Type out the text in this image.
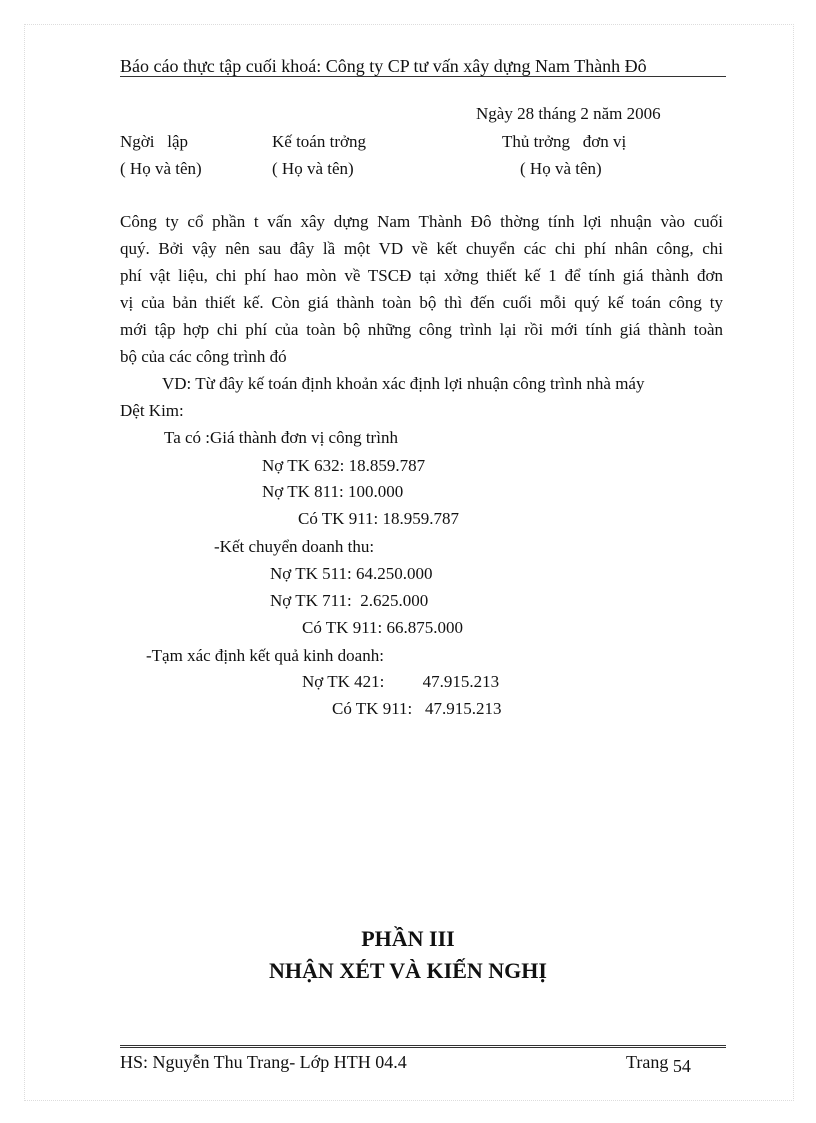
Báo cáo thực tập cuối khoá: Công ty CP tư vấn xây dựng Nam Thành Đô
Ngày 28 tháng 2 năm 2006
Ngời   lập	Kế toán trởng	Thủ trởng   đơn vị
( Họ và tên)	( Họ và tên)	( Họ và tên)
Công ty cổ phần t vấn xây dựng Nam Thành Đô thờng tính lợi nhuận vào cuối
quý. Bởi vậy nên sau đây lầ một VD về kết chuyển các chi phí nhân công, chi
phí vật liệu, chi phí hao mòn về TSCĐ tại xởng thiết kế 1 để tính giá thành đơn
vị của bản thiết kế. Còn giá thành toàn bộ thì đến cuối mỗi quý kế toán công ty
mới tập hợp chi phí của toàn bộ những công trình lại rồi mới tính giá thành toàn
bộ của các công trình đó
VD: Từ đây kế toán định khoản xác định lợi nhuận công trình nhà máy
Dệt Kim:
Ta có :Giá thành đơn vị công trình
Nợ TK 632: 18.859.787
Nợ TK 811: 100.000
Có TK 911: 18.959.787
-Kết chuyển doanh thu:
Nợ TK 511: 64.250.000
Nợ TK 711:  2.625.000
Có TK 911: 66.875.000
-Tạm xác định kết quả kinh doanh:
Nợ TK 421:         47.915.213
Có TK 911:   47.915.213
PHẦN III
NHẬN XÉT VÀ KIẾN NGHỊ
HS: Nguyễn Thu Trang- Lớp HTH 04.4	Trang 54
